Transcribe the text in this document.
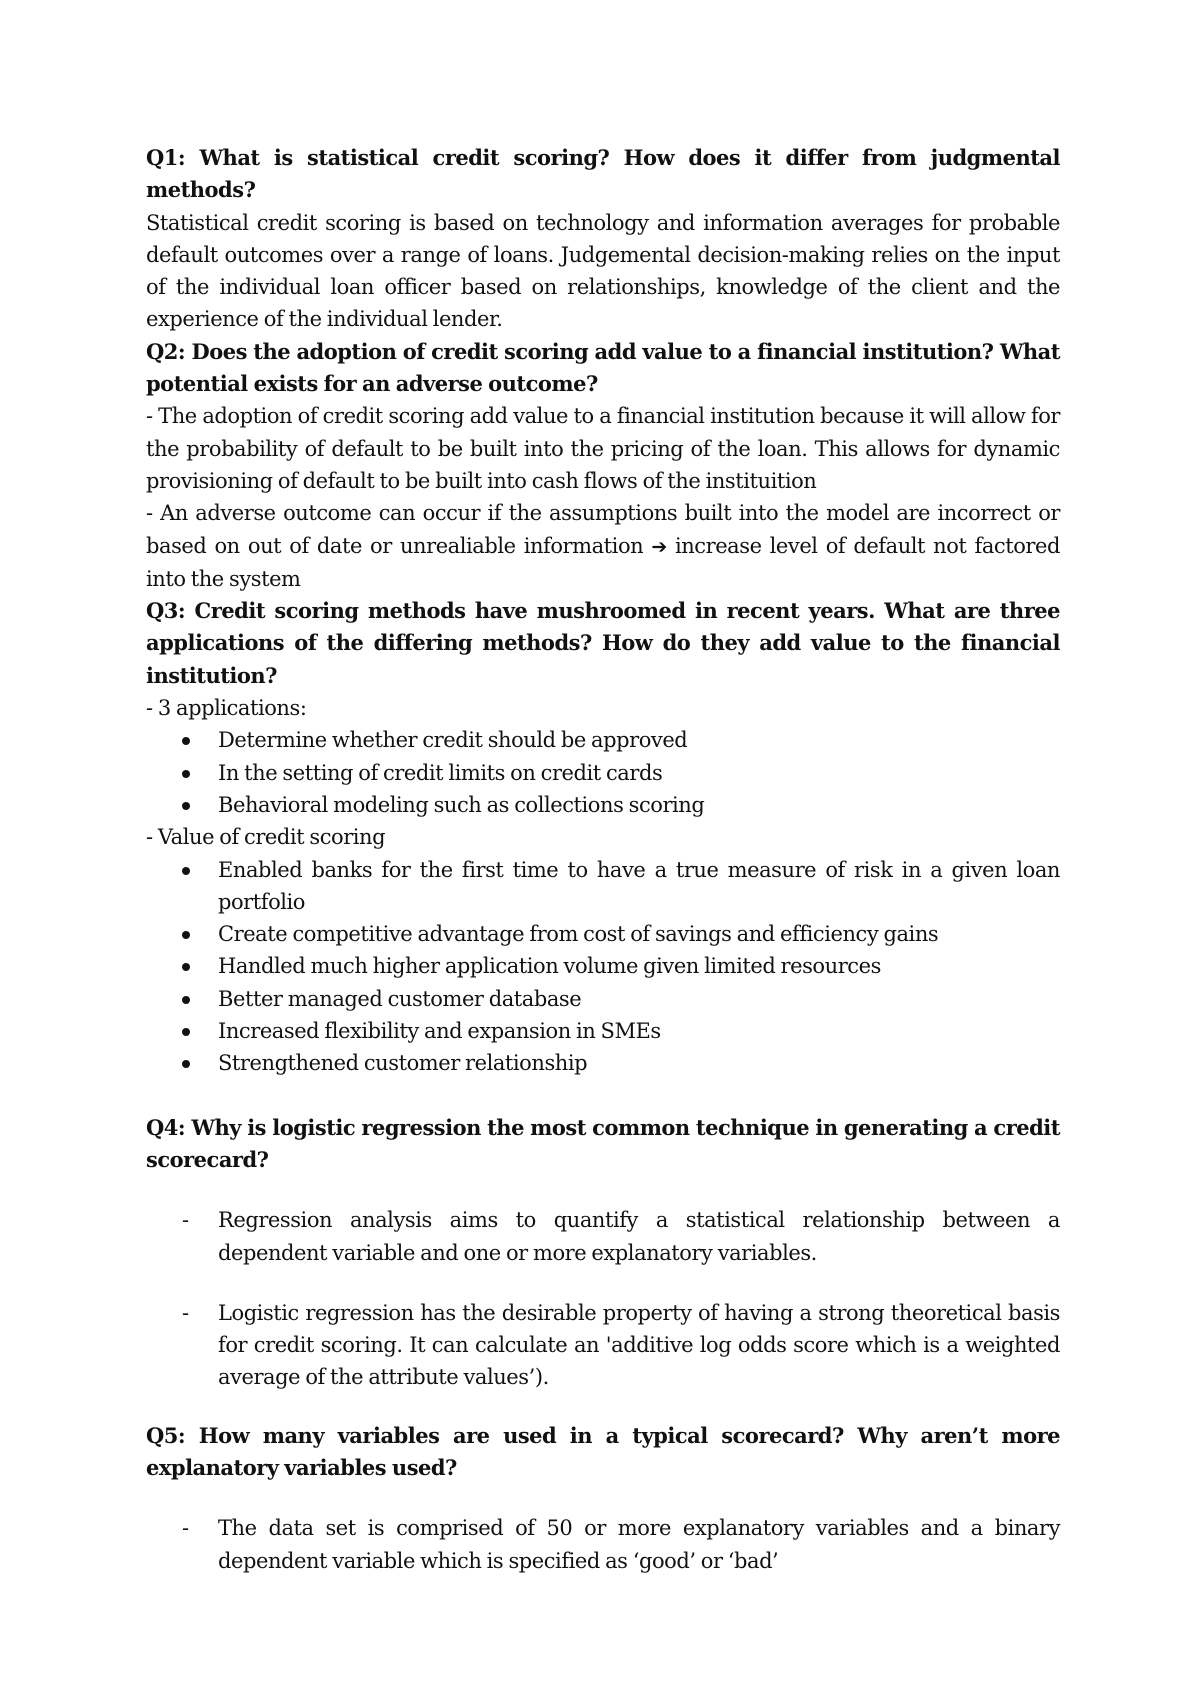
Q1: What is statistical credit scoring? How does it differ from judgmental methods?
Statistical credit scoring is based on technology and information averages for probable default outcomes over a range of loans. Judgemental decision-making relies on the input of the individual loan officer based on relationships, knowledge of the client and the experience of the individual lender.
Q2: Does the adoption of credit scoring add value to a financial institution? What potential exists for an adverse outcome?
- The adoption of credit scoring add value to a financial institution because it will allow for the probability of default to be built into the pricing of the loan. This allows for dynamic provisioning of default to be built into cash flows of the instituition
- An adverse outcome can occur if the assumptions built into the model are incorrect or based on out of date or unrealiable information ➔ increase level of default not factored into the system
Q3: Credit scoring methods have mushroomed in recent years. What are three applications of the differing methods? How do they add value to the financial institution?
- 3 applications:
Determine whether credit should be approved
In the setting of credit limits on credit cards
Behavioral modeling such as collections scoring
- Value of credit scoring
Enabled banks for the first time to have a true measure of risk in a given loan portfolio
Create competitive advantage from cost of savings and efficiency gains
Handled much higher application volume given limited resources
Better managed customer database
Increased flexibility and expansion in SMEs
Strengthened customer relationship
Q4: Why is logistic regression the most common technique in generating a credit scorecard?
- Regression analysis aims to quantify a statistical relationship between a dependent variable and one or more explanatory variables.
- Logistic regression has the desirable property of having a strong theoretical basis for credit scoring. It can calculate an 'additive log odds score which is a weighted average of the attribute values’).
Q5: How many variables are used in a typical scorecard? Why aren’t more explanatory variables used?
- The data set is comprised of 50 or more explanatory variables and a binary dependent variable which is specified as ‘good’ or ‘bad’
